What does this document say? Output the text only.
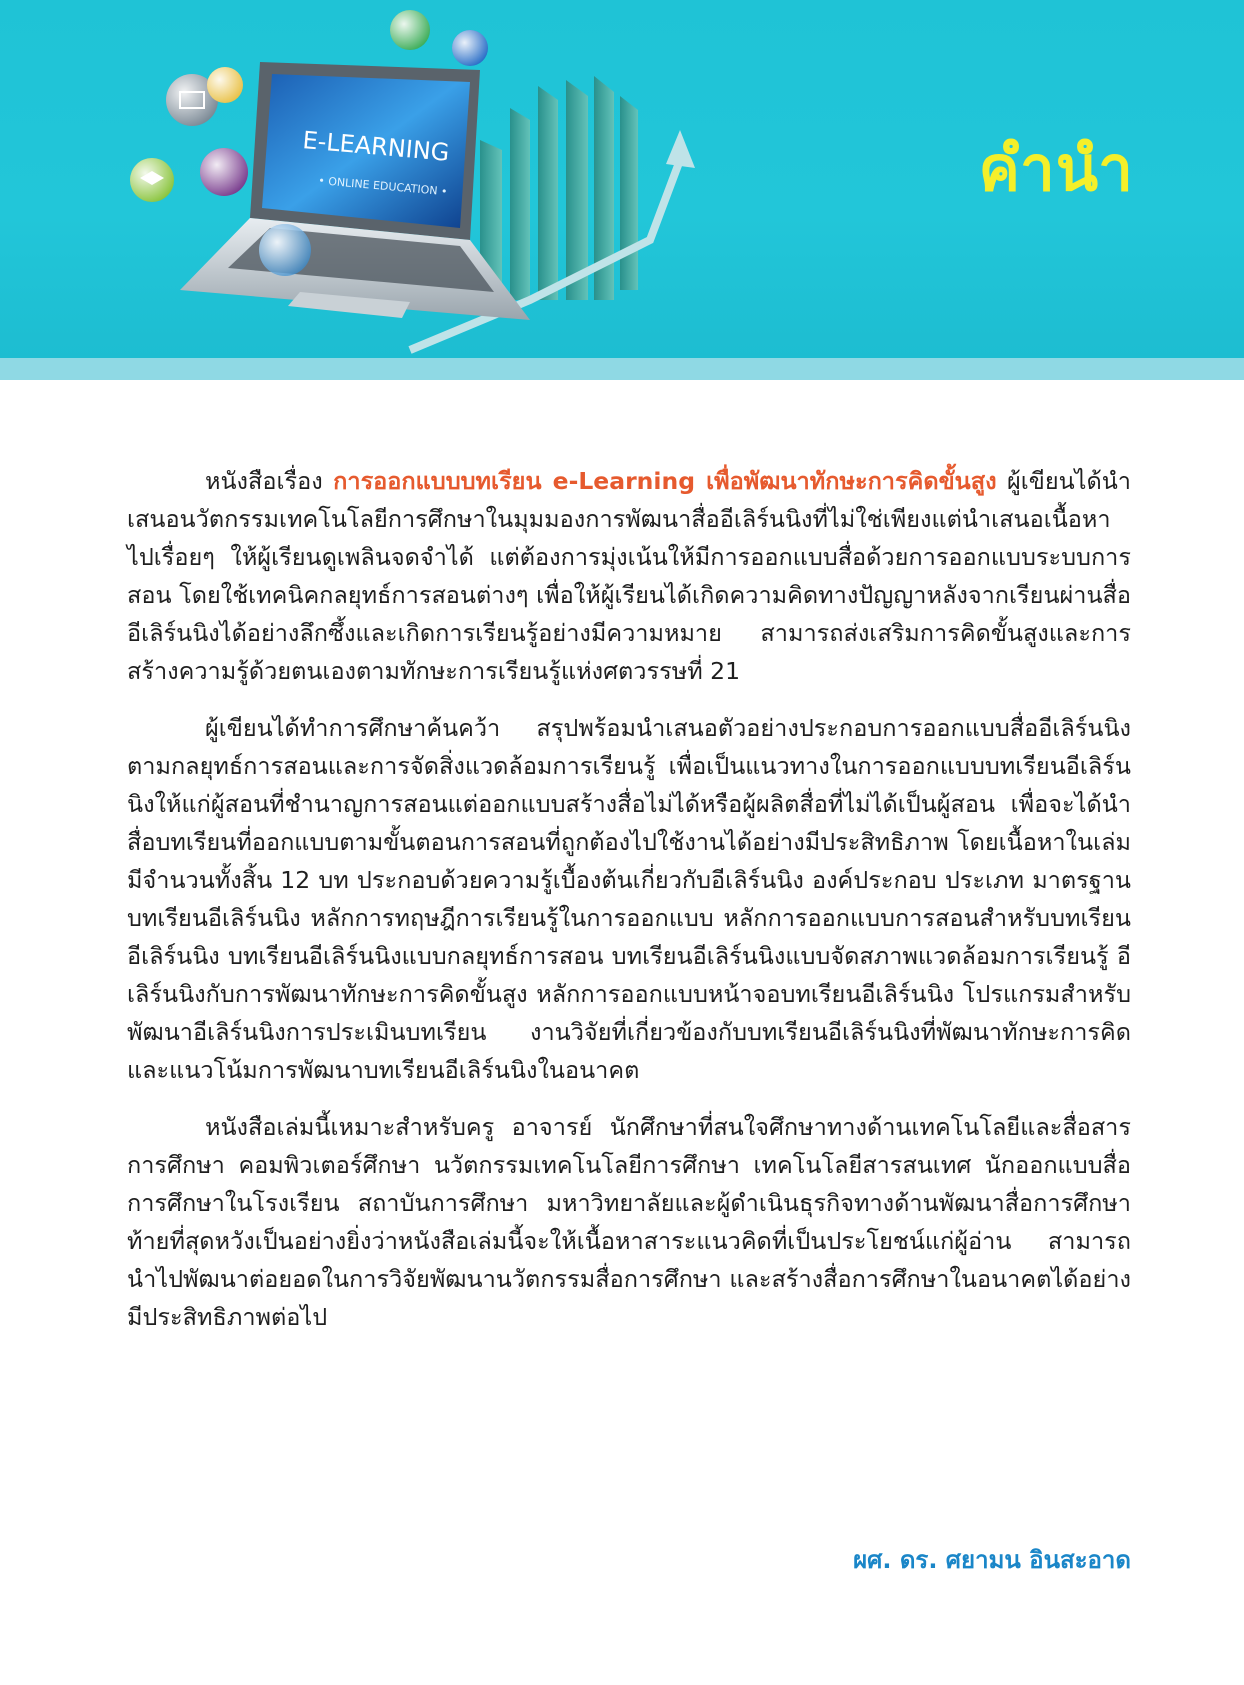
E-LEARNING
• ONLINE EDUCATION •	คำนำ

หนังสือเรื่อง การออกแบบบทเรียน e-Learning เพื่อพัฒนาทักษะการคิดขั้นสูง ผู้เขียนได้นำเสนอนวัตกรรมเทคโนโลยีการศึกษาในมุมมองการพัฒนาสื่ออีเลิร์นนิงที่ไม่ใช่เพียงแต่นำเสนอเนื้อหาไปเรื่อยๆ ให้ผู้เรียนดูเพลินจดจำได้ แต่ต้องการมุ่งเน้นให้มีการออกแบบสื่อด้วยการออกแบบระบบการสอน โดยใช้เทคนิคกลยุทธ์การสอนต่างๆ เพื่อให้ผู้เรียนได้เกิดความคิดทางปัญญาหลังจากเรียนผ่านสื่ออีเลิร์นนิงได้อย่างลึกซึ้งและเกิดการเรียนรู้อย่างมีความหมาย สามารถส่งเสริมการคิดขั้นสูงและการสร้างความรู้ด้วยตนเองตามทักษะการเรียนรู้แห่งศตวรรษที่ 21

ผู้เขียนได้ทำการศึกษาค้นคว้า สรุปพร้อมนำเสนอตัวอย่างประกอบการออกแบบสื่ออีเลิร์นนิงตามกลยุทธ์การสอนและการจัดสิ่งแวดล้อมการเรียนรู้ เพื่อเป็นแนวทางในการออกแบบบทเรียนอีเลิร์นนิงให้แก่ผู้สอนที่ชำนาญการสอนแต่ออกแบบสร้างสื่อไม่ได้หรือผู้ผลิตสื่อที่ไม่ได้เป็นผู้สอน เพื่อจะได้นำสื่อบทเรียนที่ออกแบบตามขั้นตอนการสอนที่ถูกต้องไปใช้งานได้อย่างมีประสิทธิภาพ โดยเนื้อหาในเล่มมีจำนวนทั้งสิ้น 12 บท ประกอบด้วยความรู้เบื้องต้นเกี่ยวกับอีเลิร์นนิง องค์ประกอบ ประเภท มาตรฐานบทเรียนอีเลิร์นนิง หลักการทฤษฎีการเรียนรู้ในการออกแบบ หลักการออกแบบการสอนสำหรับบทเรียนอีเลิร์นนิง บทเรียนอีเลิร์นนิงแบบกลยุทธ์การสอน บทเรียนอีเลิร์นนิงแบบจัดสภาพแวดล้อมการเรียนรู้ อีเลิร์นนิงกับการพัฒนาทักษะการคิดขั้นสูง หลักการออกแบบหน้าจอบทเรียนอีเลิร์นนิง โปรแกรมสำหรับพัฒนาอีเลิร์นนิงการประเมินบทเรียน งานวิจัยที่เกี่ยวข้องกับบทเรียนอีเลิร์นนิงที่พัฒนาทักษะการคิดและแนวโน้มการพัฒนาบทเรียนอีเลิร์นนิงในอนาคต

หนังสือเล่มนี้เหมาะสำหรับครู อาจารย์ นักศึกษาที่สนใจศึกษาทางด้านเทคโนโลยีและสื่อสารการศึกษา คอมพิวเตอร์ศึกษา นวัตกรรมเทคโนโลยีการศึกษา เทคโนโลยีสารสนเทศ นักออกแบบสื่อการศึกษาในโรงเรียน สถาบันการศึกษา มหาวิทยาลัยและผู้ดำเนินธุรกิจทางด้านพัฒนาสื่อการศึกษา ท้ายที่สุดหวังเป็นอย่างยิ่งว่าหนังสือเล่มนี้จะให้เนื้อหาสาระแนวคิดที่เป็นประโยชน์แก่ผู้อ่าน สามารถนำไปพัฒนาต่อยอดในการวิจัยพัฒนานวัตกรรมสื่อการศึกษา และสร้างสื่อการศึกษาในอนาคตได้อย่างมีประสิทธิภาพต่อไป

ผศ. ดร. ศยามน อินสะอาด
